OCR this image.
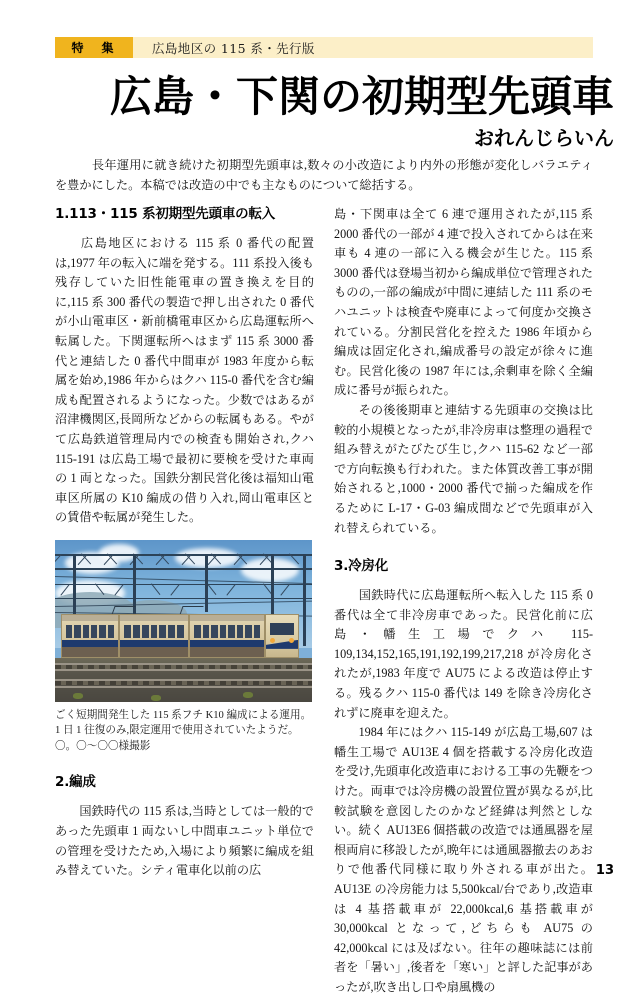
特　集	広島地区の 115 系・先行版
広島・下関の初期型先頭車
おれんじらいん
　長年運用に就き続けた初期型先頭車は,数々の小改造により内外の形態が変化しバラエティを豊かにした。本稿では改造の中でも主なものについて総括する。
1.113・115 系初期型先頭車の転入

　広島地区における 115 系 0 番代の配置は,1977 年の転入に端を発する。111 系投入後も残存していた旧性能電車の置き換えを目的に,115 系 300 番代の製造で押し出された 0 番代が小山電車区・新前橋電車区から広島運転所へ転属した。下関運転所へはまず 115 系 3000 番代と連結した 0 番代中間車が 1983 年度から転属を始め,1986 年からはクハ 115-0 番代を含む編成も配置されるようになった。少数ではあるが沼津機関区,長岡所などからの転属もある。やがて広島鉄道管理局内での検査も開始され,クハ 115-191 は広島工場で最初に要検を受けた車両の 1 両となった。国鉄分割民営化後は福知山電車区所属の K10 編成の借り入れ,岡山電車区との賃借や転属が発生した。

ごく短期間発生した 115 系フチ K10 編成による運用。1 日 1 往復のみ,限定運用で使用されていたようだ。〇。〇〜〇〇様撮影
2.編成

　国鉄時代の 115 系は,当時としては一般的であった先頭車 1 両ないし中間車ユニット単位での管理を受けたため,入場により頻繁に編成を組み替えていた。シティ電車化以前の広

島・下関車は全て 6 連で運用されたが,115 系 2000 番代の一部が 4 連で投入されてからは在来車も 4 連の一部に入る機会が生じた。115 系 3000 番代は登場当初から編成単位で管理されたものの,一部の編成が中間に連結した 111 系のモハユニットは検査や廃車によって何度か交換されている。分割民営化を控えた 1986 年頃から編成は固定化され,編成番号の設定が徐々に進む。民営化後の 1987 年には,余剰車を除く全編成に番号が振られた。

　その後後期車と連結する先頭車の交換は比較的小規模となったが,非冷房車は整理の過程で組み替えがたびたび生じ,クハ 115-62 など一部で方向転換も行われた。また体質改善工事が開始されると,1000・2000 番代で揃った編成を作るために L-17・G-03 編成間などで先頭車が入れ替えられている。

3.冷房化

　国鉄時代に広島運転所へ転入した 115 系 0 番代は全て非冷房車であった。民営化前に広島・幡生工場でクハ 115-109,134,152,165,191,192,199,217,218 が冷房化されたが,1983 年度で AU75 による改造は停止する。残るクハ 115-0 番代は 149 を除き冷房化されずに廃車を迎えた。

　1984 年にはクハ 115-149 が広島工場,607 は幡生工場で AU13E 4 個を搭載する冷房化改造を受け,先頭車化改造車における工事の先鞭をつけた。両車では冷房機の設置位置が異なるが,比較試験を意図したのかなど経緯は判然としない。続く AU13E6 個搭載の改造では通風器を屋根両肩に移設したが,晩年には通風器撤去のあおりで他番代同様に取り外される車が出た。AU13E の冷房能力は 5,500kcal/台であり,改造車は 4 基搭載車が 22,000kcal,6 基搭載車が 30,000kcal となって,どちらも AU75 の 42,000kcal には及ばない。往年の趣味誌には前者を「暑い」,後者を「寒い」と評した記事があったが,吹き出し口や扇風機の

13
